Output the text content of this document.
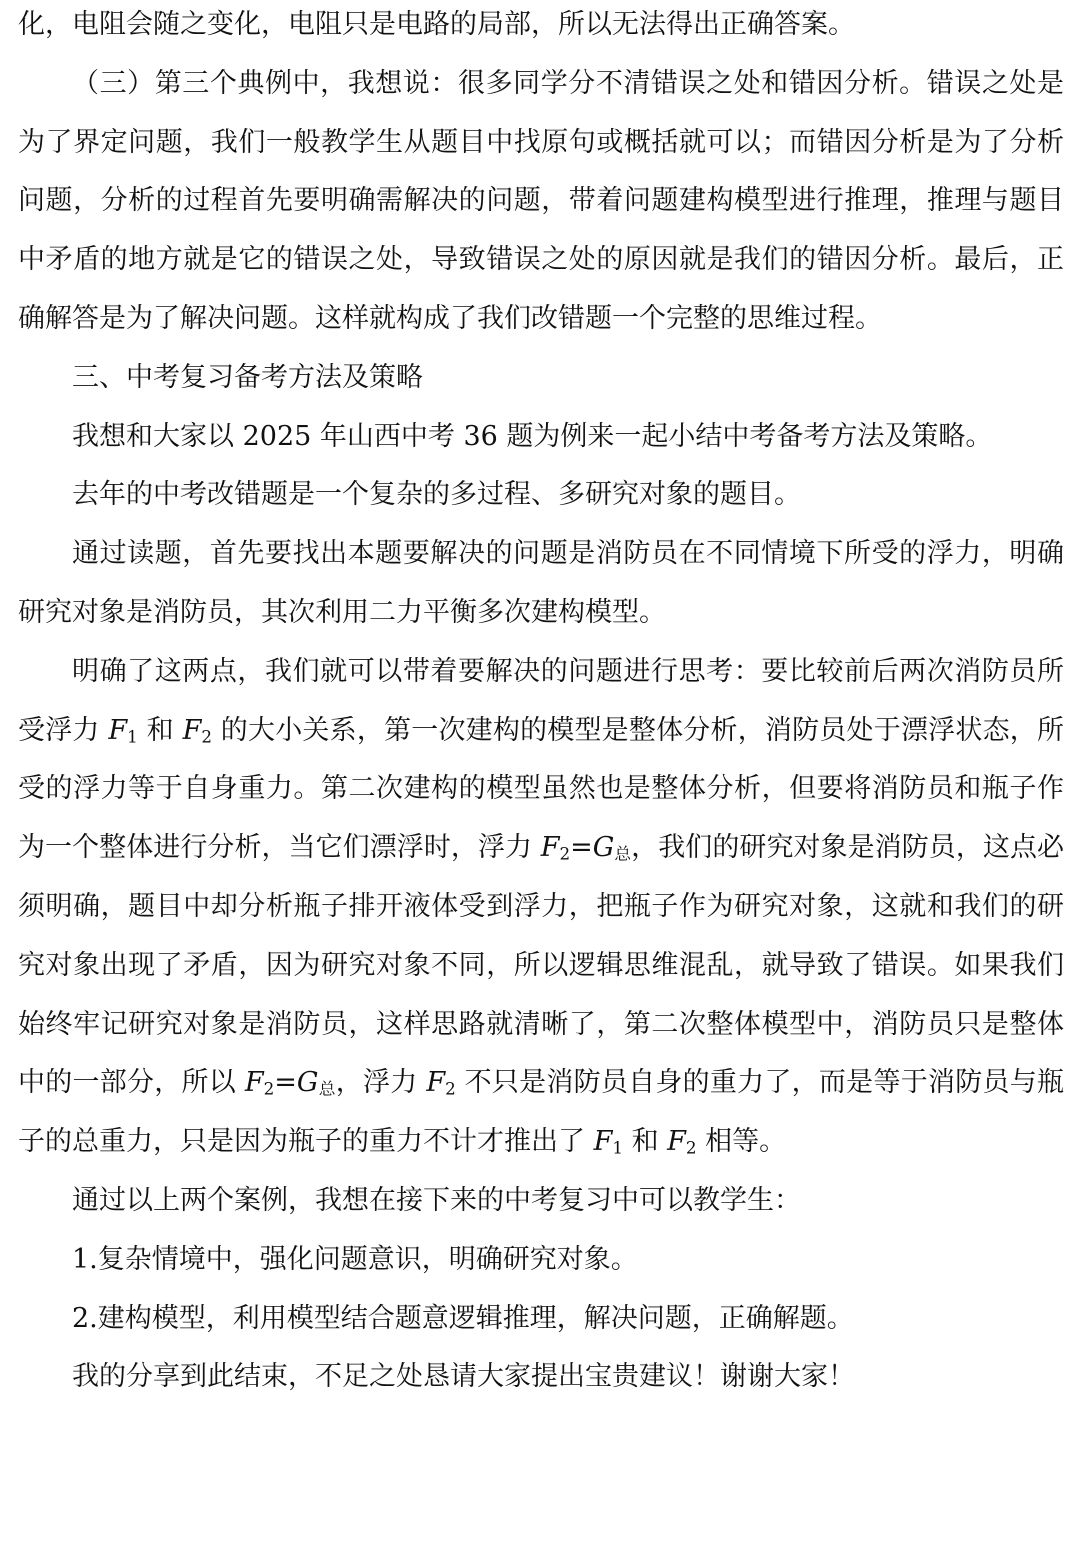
化，电阻会随之变化，电阻只是电路的局部，所以无法得出正确答案。

（三）第三个典例中，我想说：很多同学分不清错误之处和错因分析。错误之处是为了界定问题，我们一般教学生从题目中找原句或概括就可以；而错因分析是为了分析问题，分析的过程首先要明确需解决的问题，带着问题建构模型进行推理，推理与题目中矛盾的地方就是它的错误之处，导致错误之处的原因就是我们的错因分析。最后，正确解答是为了解决问题。这样就构成了我们改错题一个完整的思维过程。

三、中考复习备考方法及策略

我想和大家以 2025 年山西中考 36 题为例来一起小结中考备考方法及策略。

去年的中考改错题是一个复杂的多过程、多研究对象的题目。

通过读题，首先要找出本题要解决的问题是消防员在不同情境下所受的浮力，明确研究对象是消防员，其次利用二力平衡多次建构模型。

明确了这两点，我们就可以带着要解决的问题进行思考：要比较前后两次消防员所受浮力 $F_1$ 和 $F_2$ 的大小关系，第一次建构的模型是整体分析，消防员处于漂浮状态，所受的浮力等于自身重力。第二次建构的模型虽然也是整体分析，但要将消防员和瓶子作为一个整体进行分析，当它们漂浮时，浮力 $F_2=G_总$，我们的研究对象是消防员，这点必须明确，题目中却分析瓶子排开液体受到浮力，把瓶子作为研究对象，这就和我们的研究对象出现了矛盾，因为研究对象不同，所以逻辑思维混乱，就导致了错误。如果我们始终牢记研究对象是消防员，这样思路就清晰了，第二次整体模型中，消防员只是整体中的一部分，所以 $F_2=G_总$，浮力 $F_2$ 不只是消防员自身的重力了，而是等于消防员与瓶子的总重力，只是因为瓶子的重力不计才推出了 $F_1$ 和 $F_2$ 相等。

通过以上两个案例，我想在接下来的中考复习中可以教学生：

1.复杂情境中，强化问题意识，明确研究对象。

2.建构模型，利用模型结合题意逻辑推理，解决问题，正确解题。

我的分享到此结束，不足之处恳请大家提出宝贵建议！谢谢大家！
